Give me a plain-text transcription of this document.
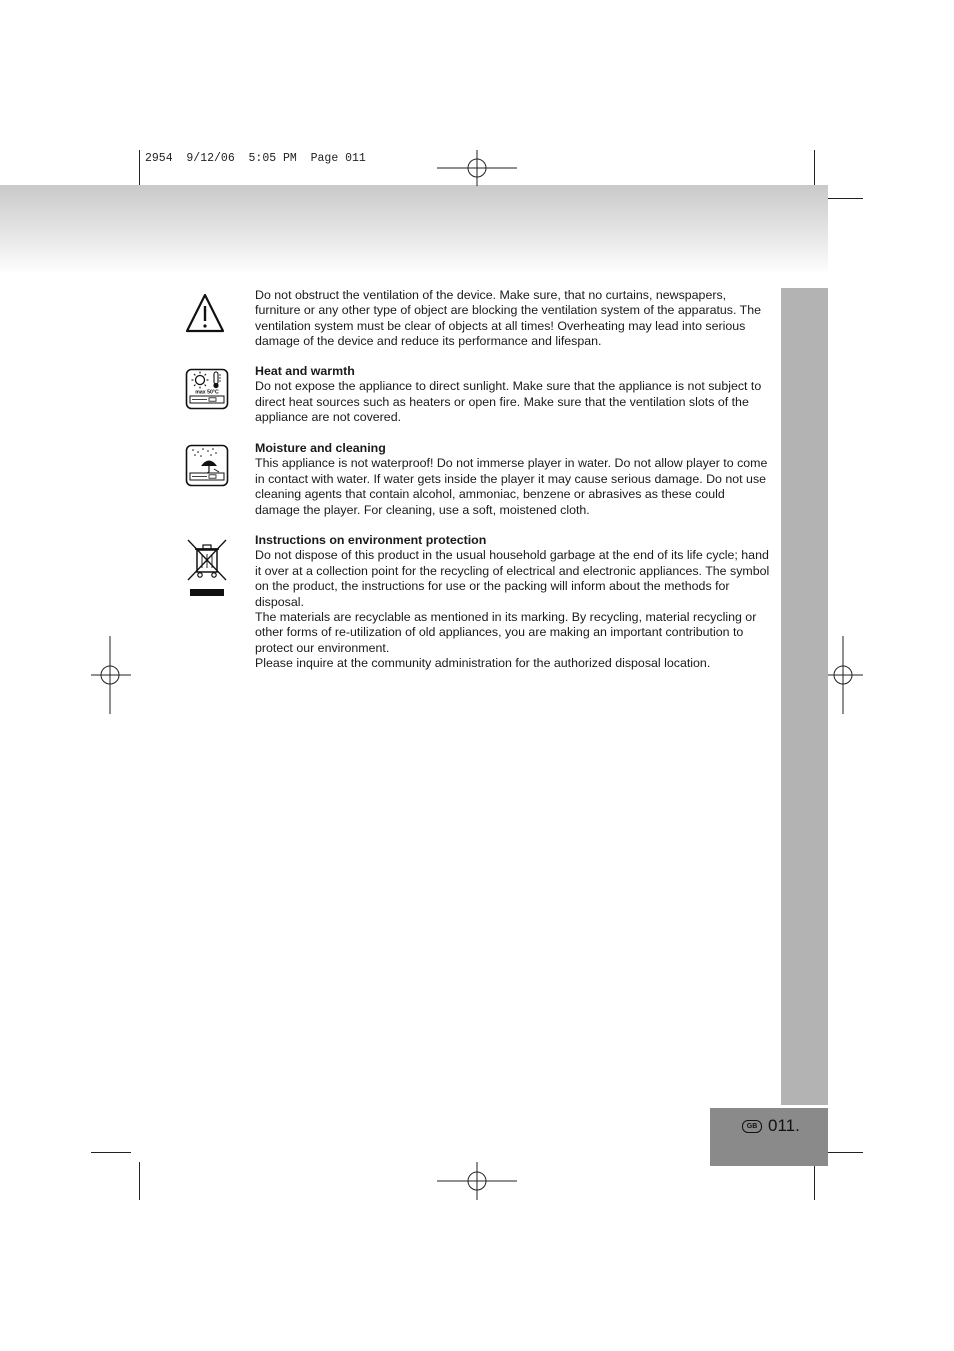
2954  9/12/06  5:05 PM  Page 011
GB 011.

Do not obstruct the ventilation of the device. Make sure, that no curtains, newspapers, furniture or any other type of object are blocking the ventilation system of the apparatus. The ventilation system must be clear of objects at all times! Overheating may lead into serious damage of the device and reduce its performance and lifespan.

max 50°C

Heat and warmth

Do not expose the appliance to direct sunlight. Make sure that the appliance is not subject to direct heat sources such as heaters or open fire. Make sure that the ventilation slots of the appliance are not covered.

Moisture and cleaning

This appliance is not waterproof! Do not immerse player in water. Do not allow player to come in contact with water. If water gets inside the player it may cause serious damage. Do not use cleaning agents that contain alcohol, ammoniac, benzene or abrasives as these could damage the player. For cleaning, use a soft, moistened cloth.

Instructions on environment protection

Do not dispose of this product in the usual household garbage at the end of its life cycle; hand it over at a collection point for the recycling of electrical and electronic appliances. The symbol on the product, the instructions for use or the packing will inform about the methods for disposal.

The materials are recyclable as mentioned in its marking. By recycling, material recycling or other forms of re-utilization of old appliances, you are making an important contribution to protect our environment.

Please inquire at the community administration for the authorized disposal location.
